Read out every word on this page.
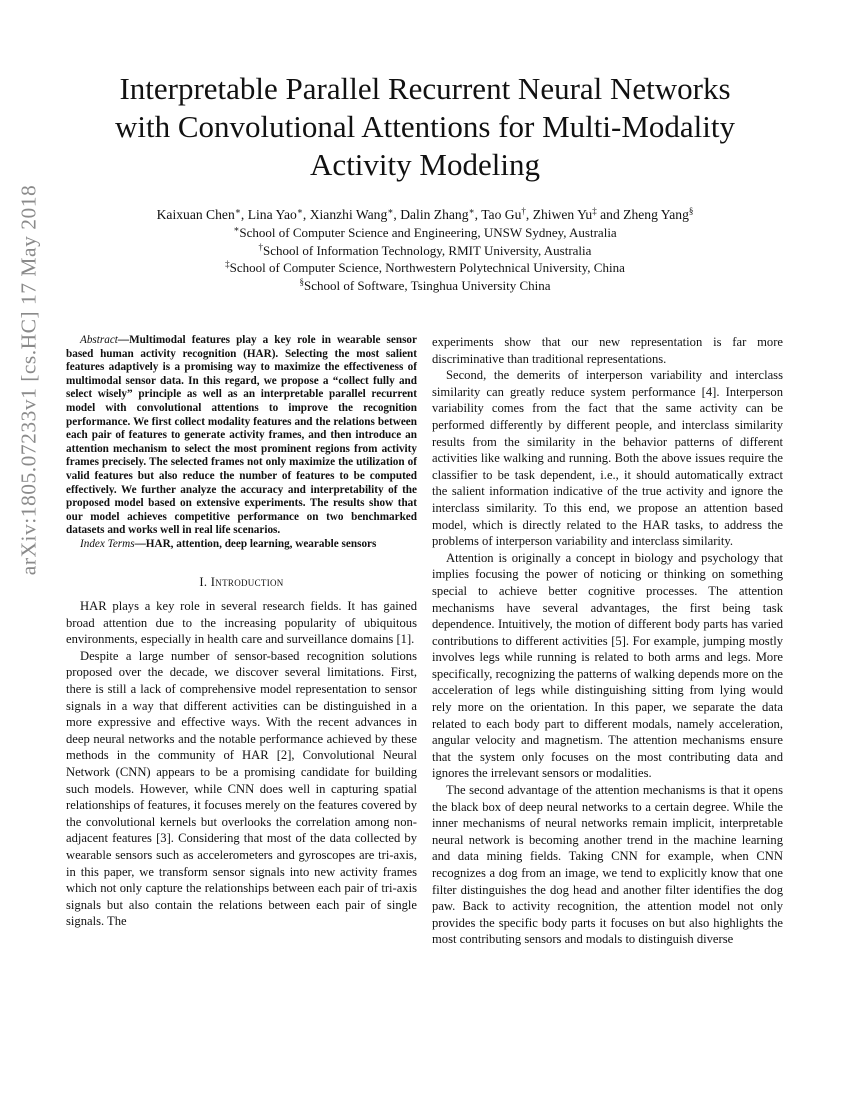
arXiv:1805.07233v1 [cs.HC] 17 May 2018
Interpretable Parallel Recurrent Neural Networks
with Convolutional Attentions for Multi-Modality
Activity Modeling
Kaixuan Chen∗, Lina Yao∗, Xianzhi Wang∗, Dalin Zhang∗, Tao Gu†, Zhiwen Yu‡ and Zheng Yang§
∗School of Computer Science and Engineering, UNSW Sydney, Australia
†School of Information Technology, RMIT University, Australia
‡School of Computer Science, Northwestern Polytechnical University, China
§School of Software, Tsinghua University China

Abstract—Multimodal features play a key role in wearable sensor based human activity recognition (HAR). Selecting the most salient features adaptively is a promising way to maximize the effectiveness of multimodal sensor data. In this regard, we propose a “collect fully and select wisely” principle as well as an interpretable parallel recurrent model with convolutional attentions to improve the recognition performance. We first collect modality features and the relations between each pair of features to generate activity frames, and then introduce an attention mechanism to select the most prominent regions from activity frames precisely. The selected frames not only maximize the utilization of valid features but also reduce the number of features to be computed effectively. We further analyze the accuracy and interpretability of the proposed model based on extensive experiments. The results show that our model achieves competitive performance on two benchmarked datasets and works well in real life scenarios.

Index Terms—HAR, attention, deep learning, wearable sensors

I. Introduction

HAR plays a key role in several research fields. It has gained broad attention due to the increasing popularity of ubiquitous environments, especially in health care and surveillance domains [1].

Despite a large number of sensor-based recognition solutions proposed over the decade, we discover several limitations. First, there is still a lack of comprehensive model representation to sensor signals in a way that different activities can be distinguished in a more expressive and effective ways. With the recent advances in deep neural networks and the notable performance achieved by these methods in the community of HAR [2], Convolutional Neural Network (CNN) appears to be a promising candidate for building such models. However, while CNN does well in capturing spatial relationships of features, it focuses merely on the features covered by the convolutional kernels but overlooks the correlation among non-adjacent features [3]. Considering that most of the data collected by wearable sensors such as accelerometers and gyroscopes are tri-axis, in this paper, we transform sensor signals into new activity frames which not only capture the relationships between each pair of tri-axis signals but also contain the relations between each pair of single signals. The

experiments show that our new representation is far more discriminative than traditional representations.

Second, the demerits of interperson variability and interclass similarity can greatly reduce system performance [4]. Interperson variability comes from the fact that the same activity can be performed differently by different people, and interclass similarity results from the similarity in the behavior patterns of different activities like walking and running. Both the above issues require the classifier to be task dependent, i.e., it should automatically extract the salient information indicative of the true activity and ignore the interclass similarity. To this end, we propose an attention based model, which is directly related to the HAR tasks, to address the problems of interperson variability and interclass similarity.

Attention is originally a concept in biology and psychology that implies focusing the power of noticing or thinking on something special to achieve better cognitive processes. The attention mechanisms have several advantages, the first being task dependence. Intuitively, the motion of different body parts has varied contributions to different activities [5]. For example, jumping mostly involves legs while running is related to both arms and legs. More specifically, recognizing the patterns of walking depends more on the acceleration of legs while distinguishing sitting from lying would rely more on the orientation. In this paper, we separate the data related to each body part to different modals, namely acceleration, angular velocity and magnetism. The attention mechanisms ensure that the system only focuses on the most contributing data and ignores the irrelevant sensors or modalities.

The second advantage of the attention mechanisms is that it opens the black box of deep neural networks to a certain degree. While the inner mechanisms of neural networks remain implicit, interpretable neural network is becoming another trend in the machine learning and data mining fields. Taking CNN for example, when CNN recognizes a dog from an image, we tend to explicitly know that one filter distinguishes the dog head and another filter identifies the dog paw. Back to activity recognition, the attention model not only provides the specific body parts it focuses on but also highlights the most contributing sensors and modals to distinguish diverse
